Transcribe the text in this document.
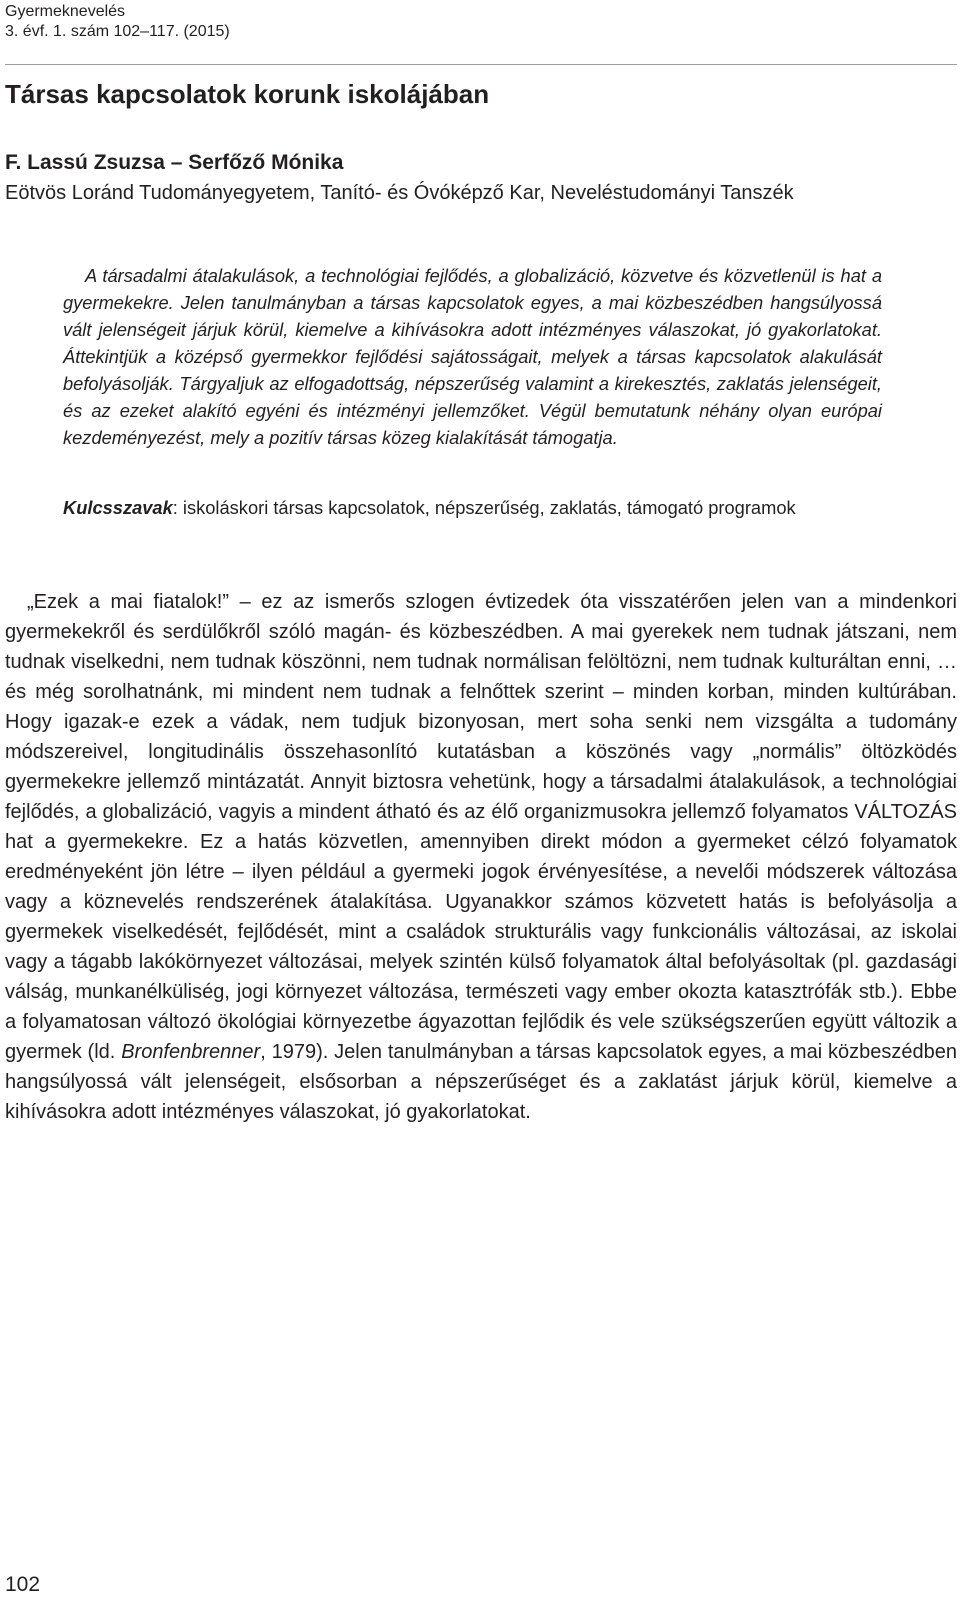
Gyermeknevelés
3. évf. 1. szám 102–117. (2015)
Társas kapcsolatok korunk iskolájában
F. Lassú Zsuzsa – Serfőző Mónika
Eötvös Loránd Tudományegyetem, Tanító- és Óvóképző Kar, Neveléstudományi Tanszék

A társadalmi átalakulások, a technológiai fejlődés, a globalizáció, közvetve és közvetlenül is hat a gyermekekre. Jelen tanulmányban a társas kapcsolatok egyes, a mai közbeszédben hangsúlyossá vált jelenségeit járjuk körül, kiemelve a kihívásokra adott intézményes válaszokat, jó gyakorlatokat. Áttekintjük a középső gyermekkor fejlődési sajátosságait, melyek a társas kapcsolatok alakulását befolyásolják. Tárgyaljuk az elfogadottság, népszerűség valamint a kirekesztés, zaklatás jelenségeit, és az ezeket alakító egyéni és intézményi jellemzőket. Végül bemutatunk néhány olyan európai kezdeményezést, mely a pozitív társas közeg kialakítását támogatja.

Kulcsszavak: iskoláskori társas kapcsolatok, népszerűség, zaklatás, támogató programok

„Ezek a mai fiatalok!” – ez az ismerős szlogen évtizedek óta visszatérően jelen van a mindenkori gyermekekről és serdülőkről szóló magán- és közbeszédben. A mai gyerekek nem tudnak játszani, nem tudnak viselkedni, nem tudnak köszönni, nem tudnak normálisan felöltözni, nem tudnak kulturáltan enni, … és még sorolhatnánk, mi mindent nem tudnak a felnőttek szerint – minden korban, minden kultúrában. Hogy igazak-e ezek a vádak, nem tudjuk bizonyosan, mert soha senki nem vizsgálta a tudomány módszereivel, longitudinális összehasonlító kutatásban a köszönés vagy „normális” öltözködés gyermekekre jellemző mintázatát. Annyit biztosra vehetünk, hogy a társadalmi átalakulások, a technológiai fejlődés, a globalizáció, vagyis a mindent átható és az élő organizmusokra jellemző folyamatos VÁLTOZÁS hat a gyermekekre. Ez a hatás közvetlen, amennyiben direkt módon a gyermeket célzó folyamatok eredményeként jön létre – ilyen például a gyermeki jogok érvényesítése, a nevelői módszerek változása vagy a köznevelés rendszerének átalakítása. Ugyanakkor számos közvetett hatás is befolyásolja a gyermekek viselkedését, fejlődését, mint a családok strukturális vagy funkcionális változásai, az iskolai vagy a tágabb lakókörnyezet változásai, melyek szintén külső folyamatok által befolyásoltak (pl. gazdasági válság, munkanélküliség, jogi környezet változása, természeti vagy ember okozta katasztrófák stb.). Ebbe a folyamatosan változó ökológiai környezetbe ágyazottan fejlődik és vele szükségszerűen együtt változik a gyermek (ld. Bronfenbrenner, 1979). Jelen tanulmányban a társas kapcsolatok egyes, a mai közbeszédben hangsúlyossá vált jelenségeit, elsősorban a népszerűséget és a zaklatást járjuk körül, kiemelve a kihívásokra adott intézményes válaszokat, jó gyakorlatokat.

102
